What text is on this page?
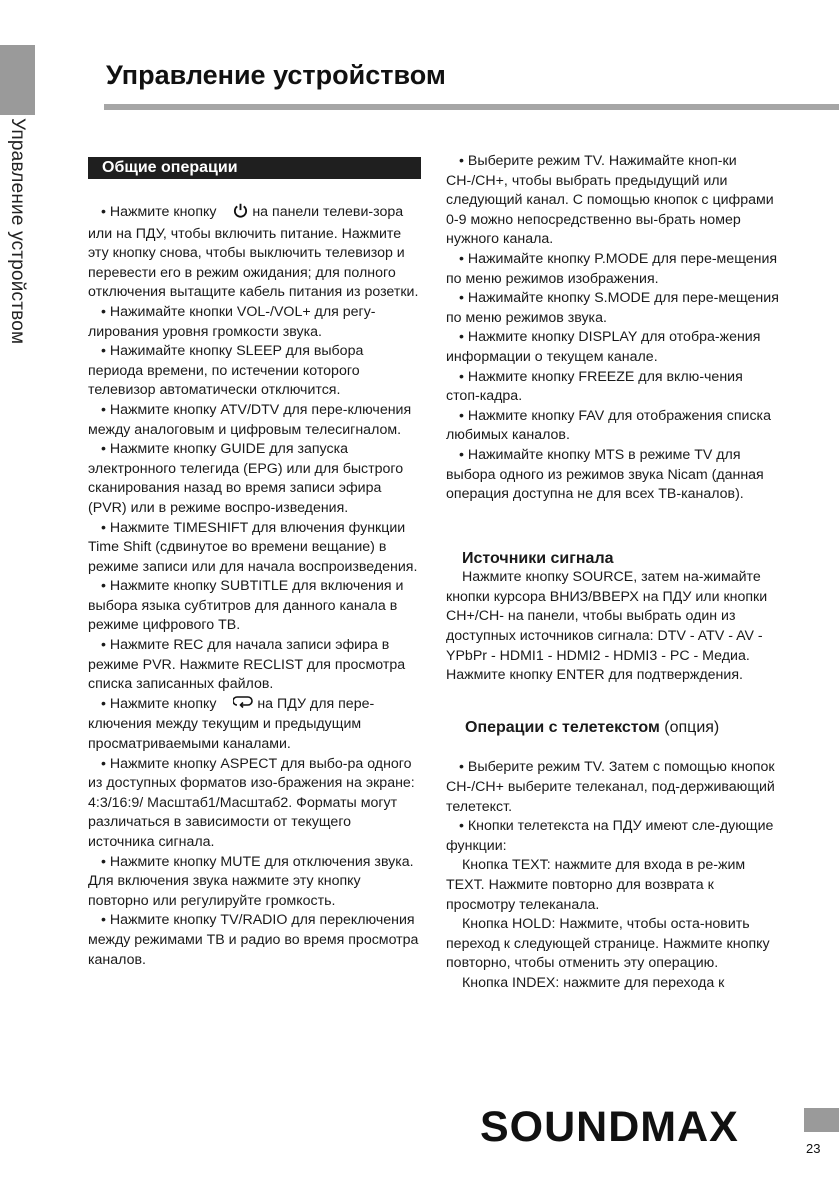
Управление устройством
Управление устройством
Общие операции

• Нажмите кнопку  на панели телеви-зора или на ПДУ, чтобы включить питание. Нажмите эту кнопку снова, чтобы выключить телевизор и перевести его в режим ожидания; для полного отключения вытащите кабель питания из розетки.

• Нажимайте кнопки VOL-/VOL+ для регу-лирования уровня громкости звука.

• Нажимайте кнопку SLEEP для выбора периода времени, по истечении которого телевизор автоматически отключится.

• Нажмите кнопку ATV/DTV для пере-ключения между аналоговым и цифровым телесигналом.

• Нажмите кнопку GUIDE для запуска электронного телегида (EPG) или для быстрого сканирования назад во время записи эфира (PVR) или в режиме воспро-изведения.

• Нажмите TIMESHIFT для влючения функции Time Shift (сдвинутое во времени вещание) в режиме записи или для начала воспроизведения.

• Нажмите кнопку SUBTITLE для включения и выбора языка субтитров для данного канала в режиме цифрового ТВ.

• Нажмите REC для начала записи эфира в режиме PVR. Нажмите RECLIST для просмотра списка записанных файлов.

• Нажмите кнопку  на ПДУ для пере-ключения между текущим и предыдущим просматриваемыми каналами.

• Нажмите кнопку ASPECT для выбо-ра одного из доступных форматов изо-бражения на экране: 4:3/16:9/ Масштаб1/Масштаб2. Форматы могут различаться в зависимости от текущего источника сигнала.

• Нажмите кнопку MUTE для отключения звука. Для включения звука нажмите эту кнопку повторно или регулируйте громкость.

• Нажмите кнопку TV/RADIO для переключения между режимами ТВ и радио во время просмотра каналов.

• Выберите режим TV. Нажимайте кноп-ки CH-/CH+, чтобы выбрать предыдущий или следующий канал. С помощью кнопок с цифрами 0-9 можно непосредственно вы-брать номер нужного канала.

• Нажимайте кнопку P.MODE для пере-мещения по меню режимов изображения.

• Нажимайте кнопку S.MODE для пере-мещения по меню режимов звука.

• Нажмите кнопку DISPLAY для отобра-жения информации о текущем канале.

• Нажмите кнопку FREEZE для вклю-чения стоп-кадра.

• Нажмите кнопку FAV для отображения списка любимых каналов.

• Нажимайте кнопку MTS в режиме TV для выбора одного из режимов звука Nicam (данная операция доступна не для всех ТВ-каналов).

Источники сигнала

Нажмите кнопку SOURCE, затем на-жимайте кнопки курсора ВНИЗ/ВВЕРХ на ПДУ или кнопки CH+/CH- на панели, чтобы выбрать один из доступных источников сигнала: DTV - ATV - AV - YPbPr - HDMI1 - HDMI2 - HDMI3 - PC - Медиа. Нажмите кнопку ENTER для подтверждения.

Операции с телетекстом (опция)

• Выберите режим TV. Затем с помощью кнопок CH-/CH+ выберите телеканал, под-держивающий телетекст.

• Кнопки телетекста на ПДУ имеют сле-дующие функции:

Кнопка TEXT: нажмите для входа в ре-жим TEXT. Нажмите повторно для возврата к просмотру телеканала.

Кнопка HOLD: Нажмите, чтобы оста-новить переход к следующей странице. Нажмите кнопку повторно, чтобы отменить эту операцию.

Кнопка INDEX: нажмите для перехода к

SOUNDMAX	23
